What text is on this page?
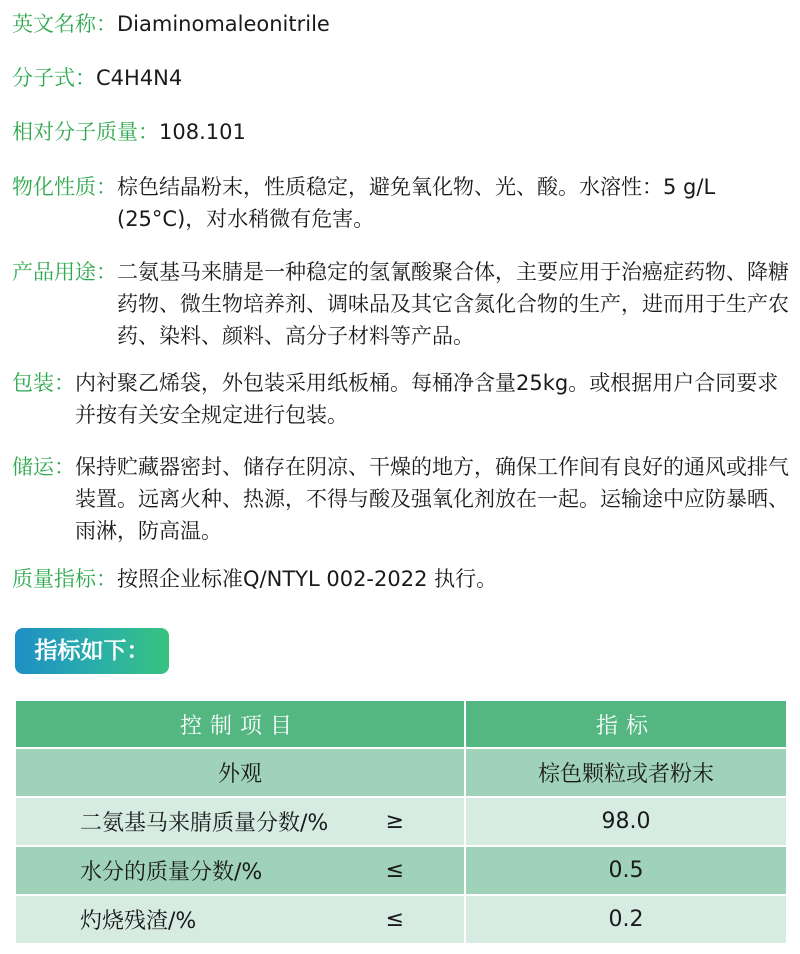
英文名称： Diaminomaleonitrile
分子式： C4H4N4
相对分子质量： 108.101
物化性质： 棕色结晶粉末，性质稳定，避免氧化物、光、酸。水溶性：5 g/L (25°C)，对水稍微有危害。
产品用途： 二氨基马来腈是一种稳定的氢氰酸聚合体，主要应用于治癌症药物、降糖药物、微生物培养剂、调味品及其它含氮化合物的生产，进而用于生产农药、染料、颜料、高分子材料等产品。
包装： 内衬聚乙烯袋，外包装采用纸板桶。每桶净含量25kg。或根据用户合同要求并按有关安全规定进行包装。
储运： 保持贮藏器密封、储存在阴凉、干燥的地方，确保工作间有良好的通风或排气装置。远离火种、热源，不得与酸及强氧化剂放在一起。运输途中应防暴晒、雨淋，防高温。
质量指标： 按照企业标准Q/NTYL 002-2022 执行。
指标如下：
控制项目	指标
外观	棕色颗粒或者粉末

二氨基马来腈质量分数/% ≥	98.0

水分的质量分数/% ≤	0.5

灼烧残渣/% ≤	0.2
